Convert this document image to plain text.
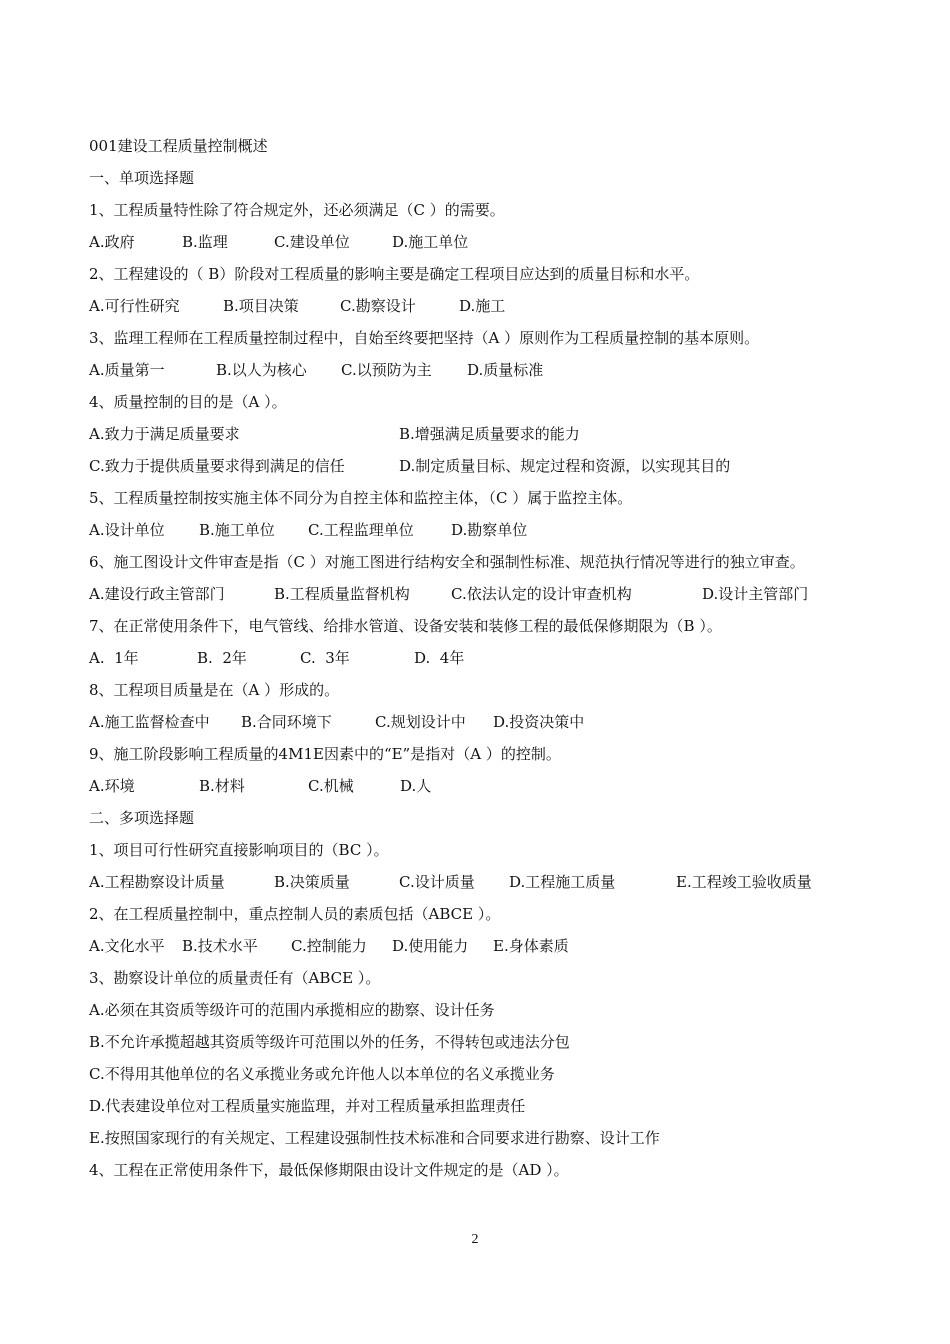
001建设工程质量控制概述
一、单项选择题
1、工程质量特性除了符合规定外，还必须满足（C ）的需要。
A.政府	B.监理	C.建设单位	D.施工单位
2、工程建设的（ B）阶段对工程质量的影响主要是确定工程项目应达到的质量目标和水平。
A.可行性研究	B.项目决策	C.勘察设计	D.施工
3、监理工程师在工程质量控制过程中，自始至终要把坚持（A ）原则作为工程质量控制的基本原则。
A.质量第一	B.以人为核心 C.以预防为主 D.质量标准
4、质量控制的目的是（A ）。
A.致力于满足质量要求	B.增强满足质量要求的能力
C.致力于提供质量要求得到满足的信任	D.制定质量目标、规定过程和资源，以实现其目的
5、工程质量控制按实施主体不同分为自控主体和监控主体，（C ）属于监控主体。
A.设计单位 B.施工单位 C.工程监理单位 D.勘察单位
6、施工图设计文件审查是指（C ）对施工图进行结构安全和强制性标准、规范执行情况等进行的独立审查。
A.建设行政主管部门	B.工程质量监督机构	C.依法认定的设计审查机构	D.设计主管部门
7、在正常使用条件下，电气管线、给排水管道、设备安装和装修工程的最低保修期限为（B ）。
A.  1年	B.  2年	C.  3年	D.  4年
8、工程项目质量是在（A ）形成的。
A.施工监督检查中 B.合同环境下	C.规划设计中 D.投资决策中
9、施工阶段影响工程质量的4M1E因素中的“E”是指对（A ）的控制。
A.环境	B.材料	C.机械	D.人
二、多项选择题
1、项目可行性研究直接影响项目的（BC ）。
A.工程勘察设计质量	B.决策质量	C.设计质量 D.工程施工质量	E.工程竣工验收质量
2、在工程质量控制中，重点控制人员的素质包括（ABCE ）。
A.文化水平 B.技术水平 C.控制能力 D.使用能力 E.身体素质
3、勘察设计单位的质量责任有（ABCE ）。
A.必须在其资质等级许可的范围内承揽相应的勘察、设计任务
B.不允许承揽超越其资质等级许可范围以外的任务，不得转包或违法分包
C.不得用其他单位的名义承揽业务或允许他人以本单位的名义承揽业务
D.代表建设单位对工程质量实施监理，并对工程质量承担监理责任
E.按照国家现行的有关规定、工程建设强制性技术标准和合同要求进行勘察、设计工作
4、工程在正常使用条件下，最低保修期限由设计文件规定的是（AD ）。
2
